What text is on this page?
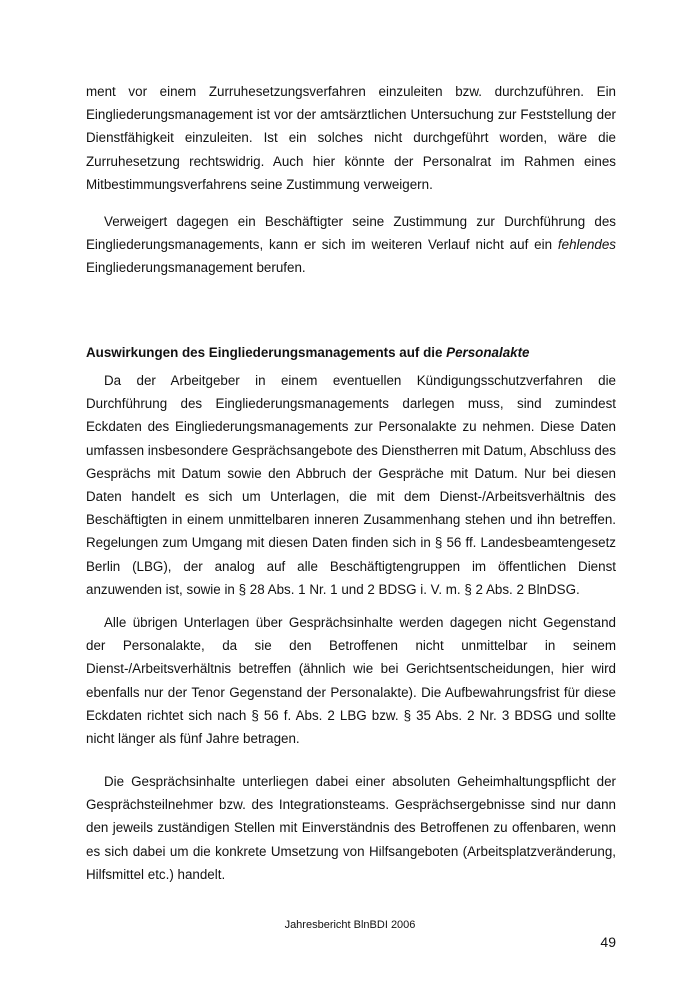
ment vor einem Zurruhesetzungsverfahren einzuleiten bzw. durchzuführen. Ein Eingliederungsmanagement ist vor der amtsärztlichen Untersuchung zur Feststellung der Dienstfähigkeit einzuleiten. Ist ein solches nicht durchgeführt worden, wäre die Zurruhesetzung rechtswidrig. Auch hier könnte der Personalrat im Rahmen eines Mitbestimmungsverfahrens seine Zustimmung verweigern.

Verweigert dagegen ein Beschäftigter seine Zustimmung zur Durchführung des Eingliederungsmanagements, kann er sich im weiteren Verlauf nicht auf ein fehlendes Eingliederungsmanagement berufen.

Auswirkungen des Eingliederungsmanagements auf die Personalakte

Da der Arbeitgeber in einem eventuellen Kündigungsschutzverfahren die Durchführung des Eingliederungsmanagements darlegen muss, sind zumindest Eckdaten des Eingliederungsmanagements zur Personalakte zu nehmen. Diese Daten umfassen insbesondere Gesprächsangebote des Dienstherren mit Datum, Abschluss des Gesprächs mit Datum sowie den Abbruch der Gespräche mit Datum. Nur bei diesen Daten handelt es sich um Unterlagen, die mit dem Dienst-/Arbeitsverhältnis des Beschäftigten in einem unmittelbaren inneren Zusammenhang stehen und ihn betreffen. Regelungen zum Umgang mit diesen Daten finden sich in § 56 ff. Landesbeamtengesetz Berlin (LBG), der analog auf alle Beschäftigtengruppen im öffentlichen Dienst anzuwenden ist, sowie in § 28 Abs. 1 Nr. 1 und 2 BDSG i. V. m. § 2 Abs. 2 BlnDSG.

Alle übrigen Unterlagen über Gesprächsinhalte werden dagegen nicht Gegenstand der Personalakte, da sie den Betroffenen nicht unmittelbar in seinem Dienst-/Arbeitsverhältnis betreffen (ähnlich wie bei Gerichtsentscheidungen, hier wird ebenfalls nur der Tenor Gegenstand der Personalakte). Die Aufbewahrungsfrist für diese Eckdaten richtet sich nach § 56 f. Abs. 2 LBG bzw. § 35 Abs. 2 Nr. 3 BDSG und sollte nicht länger als fünf Jahre betragen.

Die Gesprächsinhalte unterliegen dabei einer absoluten Geheimhaltungspflicht der Gesprächsteilnehmer bzw. des Integrationsteams. Gesprächsergebnisse sind nur dann den jeweils zuständigen Stellen mit Einverständnis des Betroffenen zu offenbaren, wenn es sich dabei um die konkrete Umsetzung von Hilfsangeboten (Arbeitsplatzveränderung, Hilfsmittel etc.) handelt.

Jahresbericht BlnBDI 2006

49
